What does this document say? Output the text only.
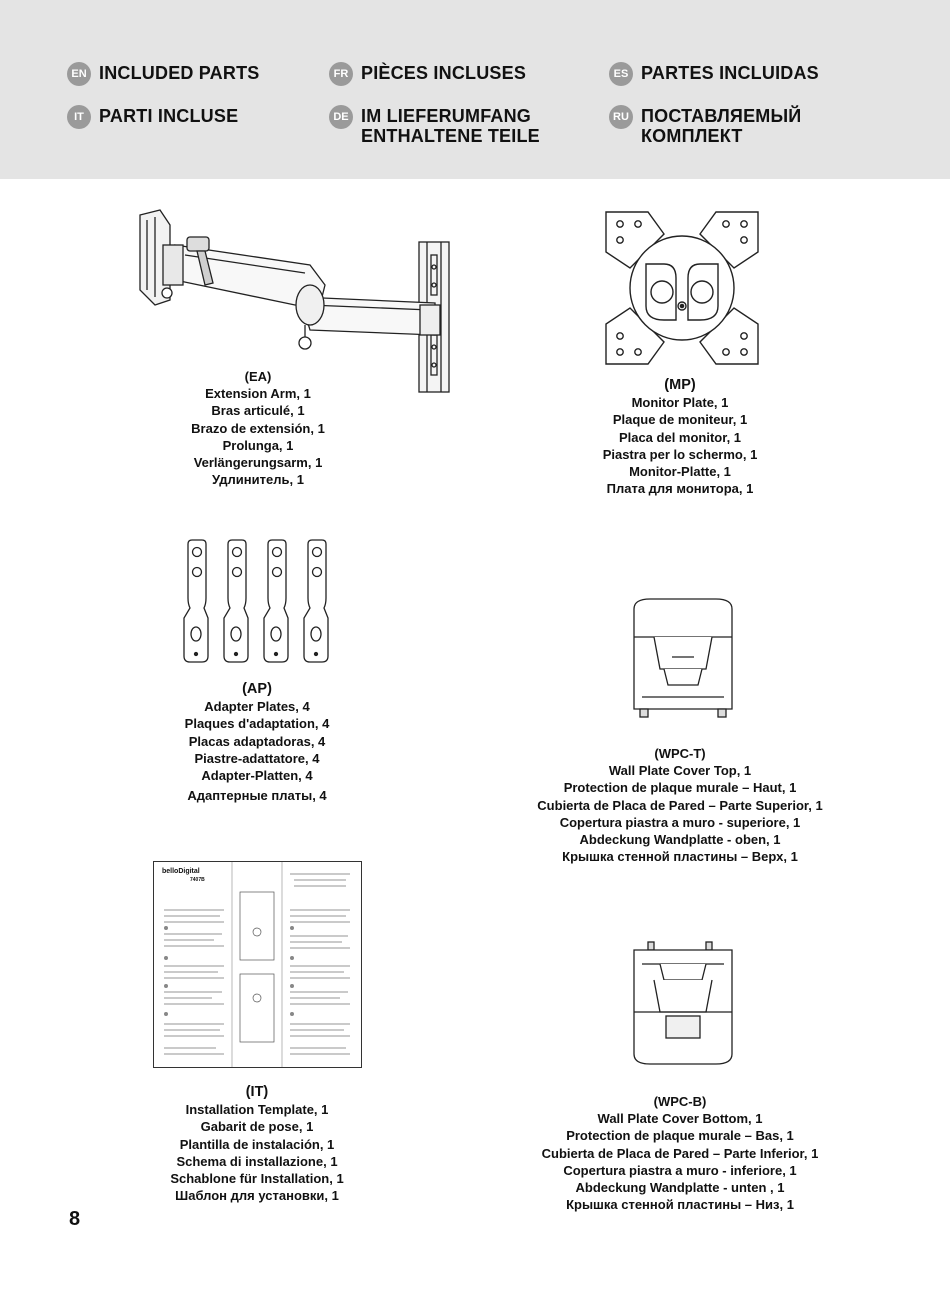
EN INCLUDED PARTS	FR PIÈCES INCLUSES	ES PARTES INCLUIDAS
IT PARTI INCLUSE	DE IM LIEFERUMFANG ENTHALTENE TEILE
RU ПОСТАВЛЯЕМЫЙ КОМПЛЕКТ
(EA)
Extension Arm, 1
Bras articulé, 1
Brazo de extensión, 1
Prolunga, 1
Verlängerungsarm, 1
Удлинитель, 1
(MP)
Monitor Plate, 1
Plaque de moniteur, 1
Placa del monitor, 1
Piastra per lo schermo, 1
Monitor-Platte, 1
Плата для монитора, 1
(AP)
Adapter Plates, 4
Plaques d'adaptation, 4
Placas adaptadoras, 4
Piastre-adattatore, 4
Adapter-Platten, 4
Адаптерные платы, 4
(WPC-T)
Wall Plate Cover Top, 1
Protection de plaque murale – Haut, 1
Cubierta de Placa de Pared – Parte Superior, 1
Copertura piastra a muro - superiore, 1
Abdeckung Wandplatte - oben, 1
Крышка стенной пластины – Верх, 1
belloDigital
7407B
(IT)
Installation Template, 1
Gabarit de pose, 1
Plantilla de instalación, 1
Schema di installazione, 1
Schablone für Installation, 1
Шаблон для установки, 1
(WPC-B)
Wall Plate Cover Bottom, 1
Protection de plaque murale – Bas, 1
Cubierta de Placa de Pared – Parte Inferior, 1
Copertura piastra a muro - inferiore, 1
Abdeckung Wandplatte - unten , 1
Крышка стенной пластины – Низ, 1
8
